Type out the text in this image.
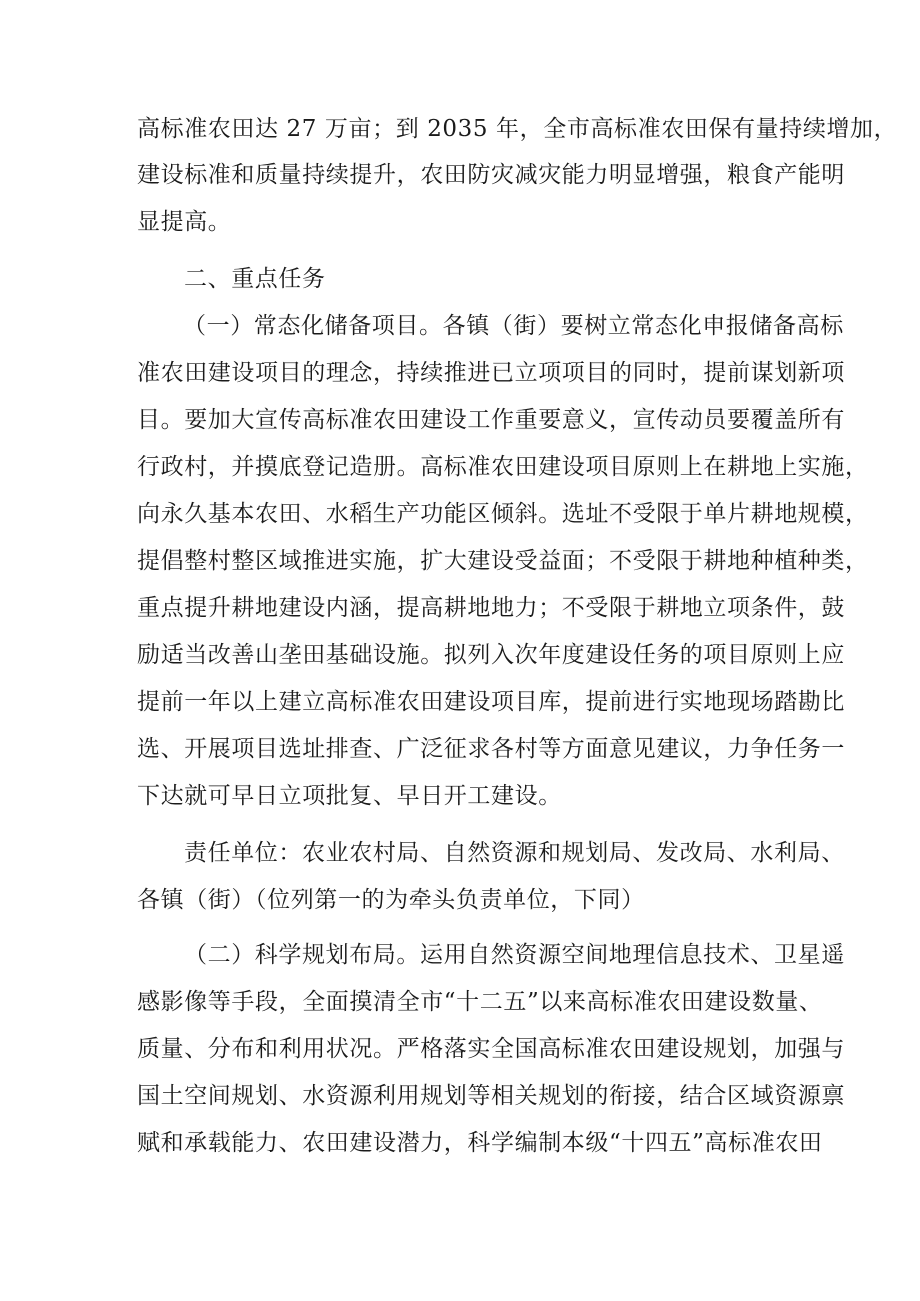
高标准农田达 27 万亩；到 2035 年，全市高标准农田保有量持续增加，
建设标准和质量持续提升，农田防灾减灾能力明显增强，粮食产能明
显提高。
二、重点任务
（一）常态化储备项目。各镇（街）要树立常态化申报储备高标
准农田建设项目的理念，持续推进已立项项目的同时，提前谋划新项
目。要加大宣传高标准农田建设工作重要意义，宣传动员要覆盖所有
行政村，并摸底登记造册。高标准农田建设项目原则上在耕地上实施，
向永久基本农田、水稻生产功能区倾斜。选址不受限于单片耕地规模，
提倡整村整区域推进实施，扩大建设受益面；不受限于耕地种植种类，
重点提升耕地建设内涵，提高耕地地力；不受限于耕地立项条件，鼓
励适当改善山垄田基础设施。拟列入次年度建设任务的项目原则上应
提前一年以上建立高标准农田建设项目库，提前进行实地现场踏勘比
选、开展项目选址排查、广泛征求各村等方面意见建议，力争任务一
下达就可早日立项批复、早日开工建设。
责任单位：农业农村局、自然资源和规划局、发改局、水利局、
各镇（街）（位列第一的为牵头负责单位，下同）
（二）科学规划布局。运用自然资源空间地理信息技术、卫星遥
感影像等手段，全面摸清全市“十二五”以来高标准农田建设数量、
质量、分布和利用状况。严格落实全国高标准农田建设规划，加强与
国土空间规划、水资源利用规划等相关规划的衔接，结合区域资源禀
赋和承载能力、农田建设潜力，科学编制本级“十四五”高标准农田
